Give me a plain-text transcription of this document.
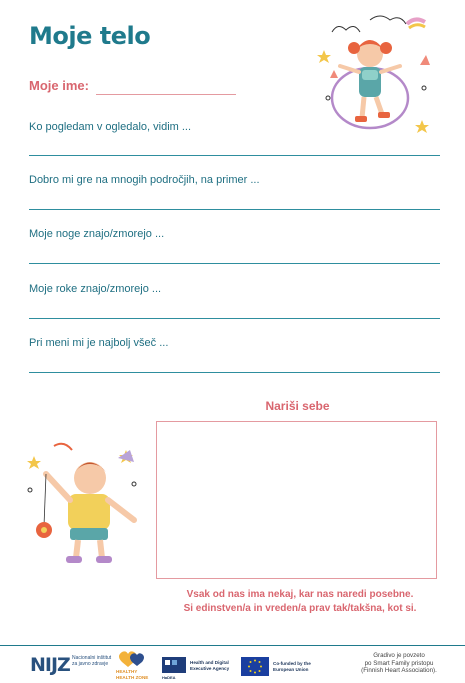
Moje telo
Moje ime:
Ko pogledam v ogledalo, vidim ...
Dobro mi gre na mnogih področjih, na primer ...
Moje noge znajo/zmorejo ...
Moje roke znajo/zmorejo ...
Pri meni mi je najbolj všeč ...
Nariši sebe
Vsak od nas ima nekaj, kar nas naredi posebne.
Si edinstven/a in vreden/a prav tak/takšna, kot si.
NIJZ Nacionalni inštitut za javno zdravje
HEALTHY HEALTH ZONE	HaDEA
Health and Digital Executive Agency
Co-funded by the European Union
Gradivo je povzeto
po Smart Family pristopu
(Finnish Heart Association).
